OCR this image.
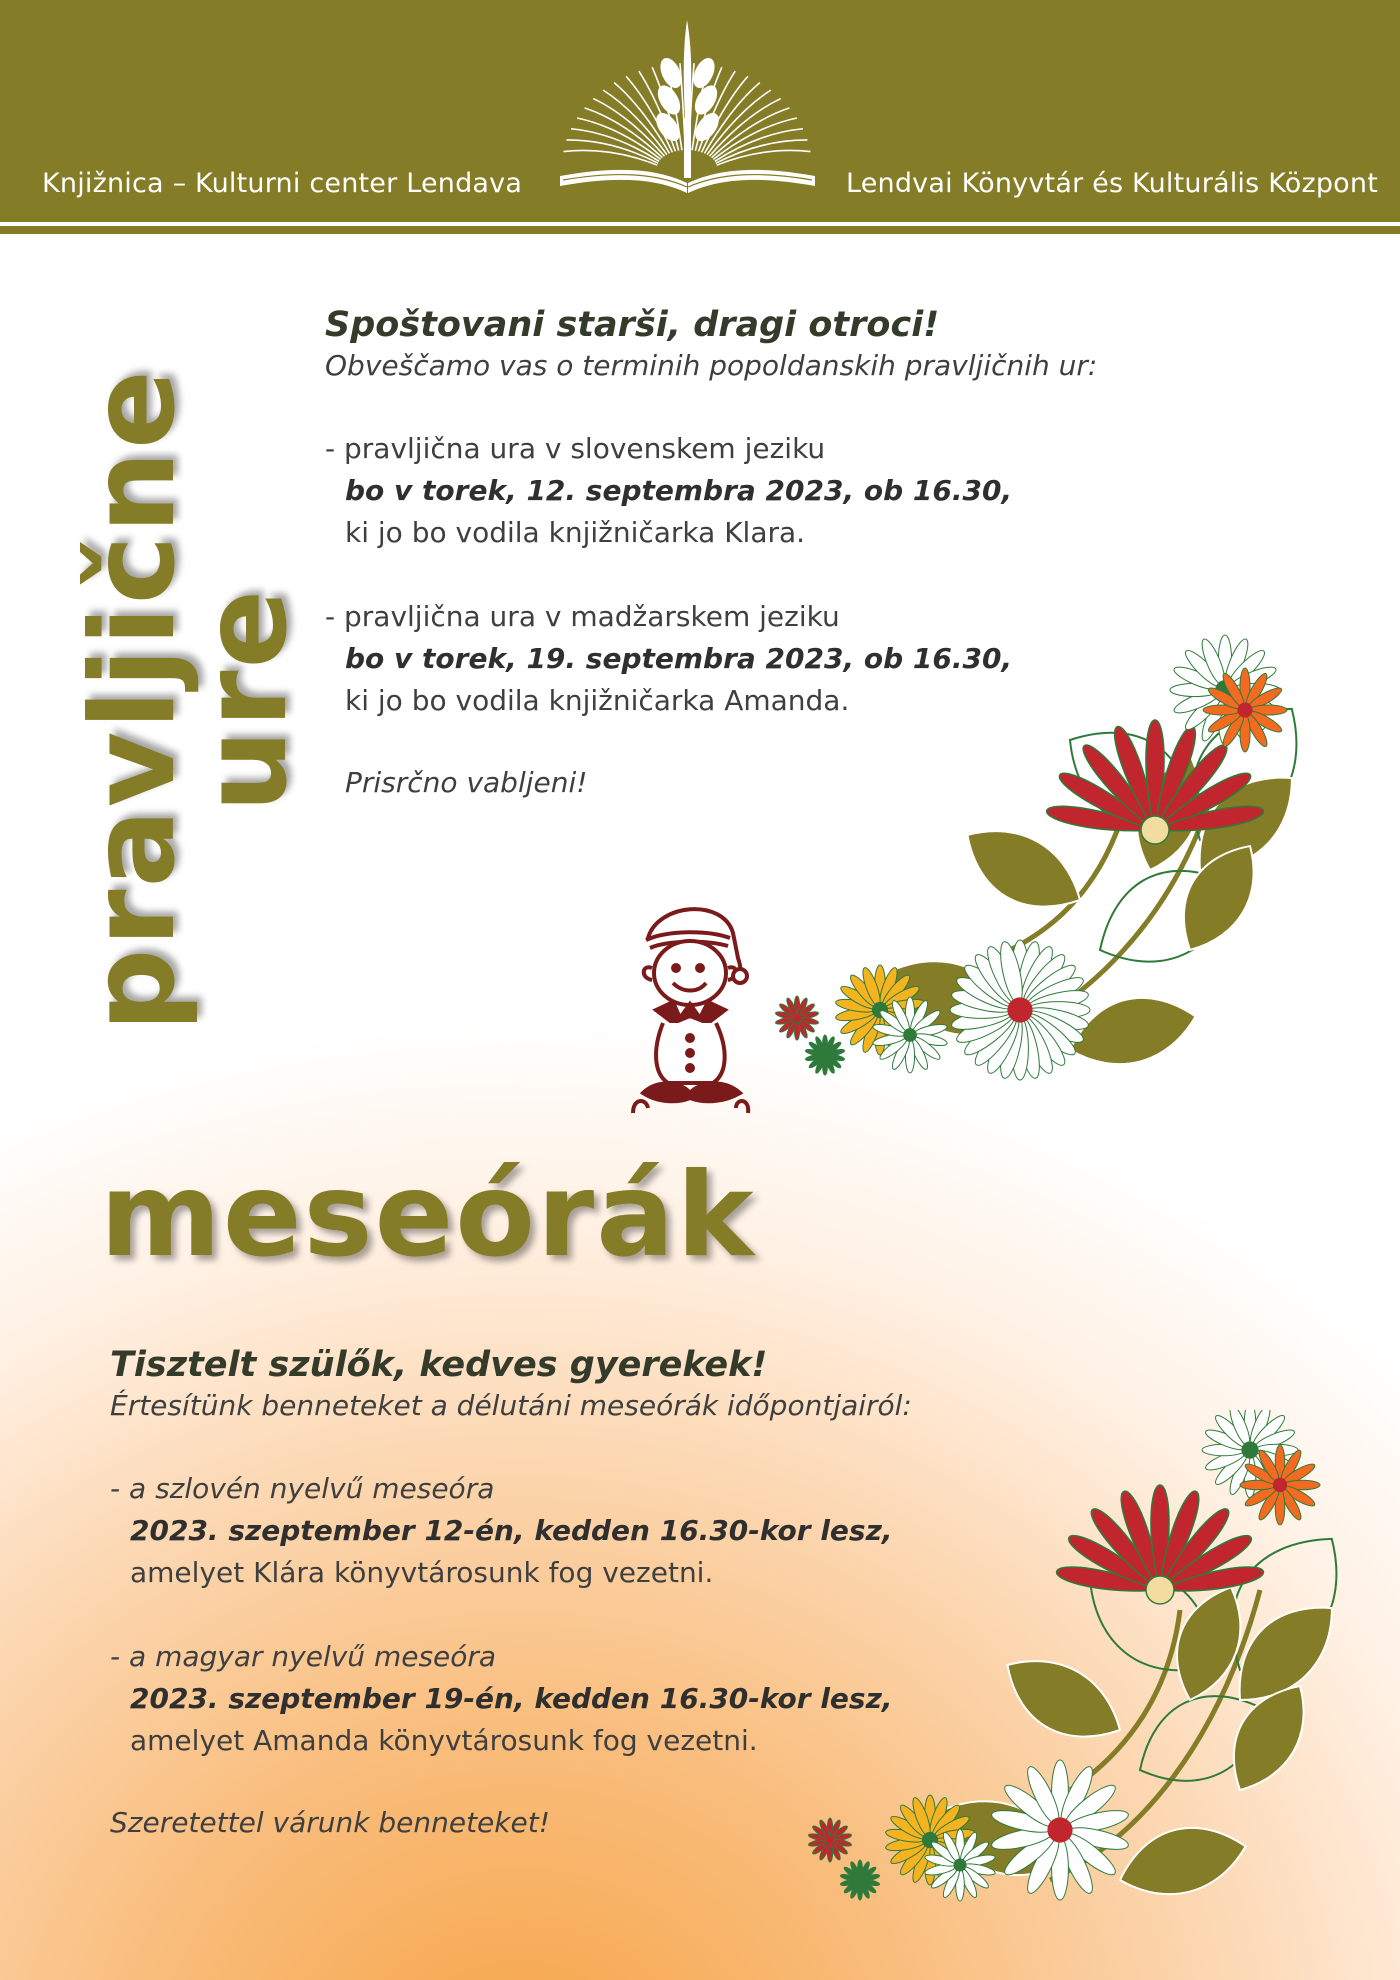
Knjižnica – Kulturni center Lendava	Lendvai Könyvtár és Kulturális Központ
pravljične
ure

Spoštovani starši, dragi otroci!

Obveščamo vas o terminih popoldanskih pravljičnih ur:

- pravljična ura v slovenskem jeziku

bo v torek, 12. septembra 2023, ob 16.30,

ki jo bo vodila knjižničarka Klara.

- pravljična ura v madžarskem jeziku

bo v torek, 19. septembra 2023, ob 16.30,

ki jo bo vodila knjižničarka Amanda.

Prisrčno vabljeni!

meseórák

Tisztelt szülők, kedves gyerekek!

Értesítünk benneteket a délutáni meseórák időpontjairól:

- a szlovén nyelvű meseóra

2023. szeptember 12-én, kedden 16.30-kor lesz,

amelyet Klára könyvtárosunk fog vezetni.

- a magyar nyelvű meseóra

2023. szeptember 19-én, kedden 16.30-kor lesz,

amelyet Amanda könyvtárosunk fog vezetni.

Szeretettel várunk benneteket!
